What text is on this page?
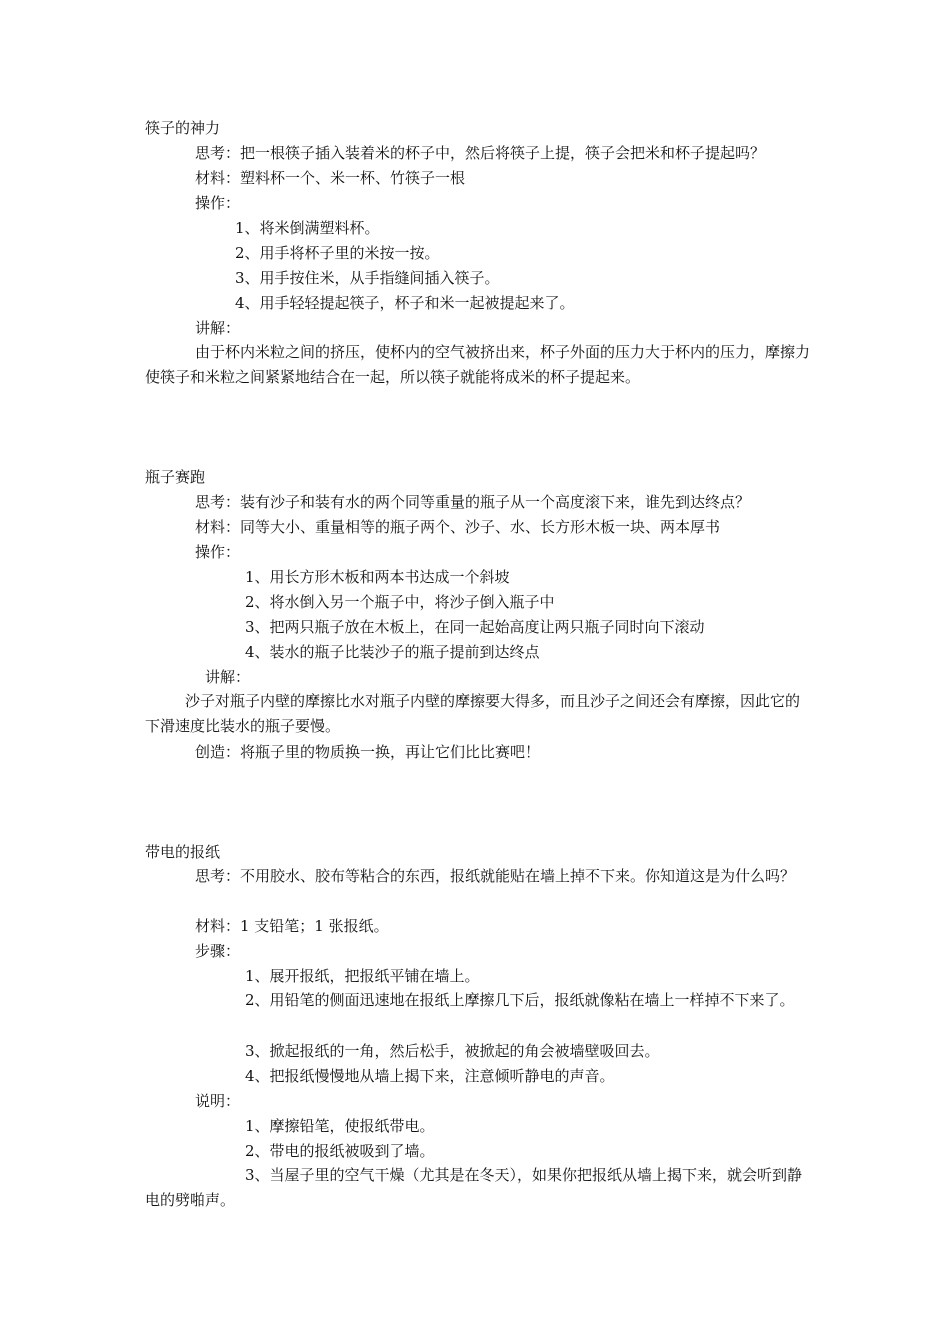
筷子的神力
思考：把一根筷子插入装着米的杯子中，然后将筷子上提，筷子会把米和杯子提起吗？
材料：塑料杯一个、米一杯、竹筷子一根
操作：
1、将米倒满塑料杯。
2、用手将杯子里的米按一按。
3、用手按住米，从手指缝间插入筷子。
4、用手轻轻提起筷子，杯子和米一起被提起来了。
讲解：
由于杯内米粒之间的挤压，使杯内的空气被挤出来，杯子外面的压力大于杯内的压力，摩擦力使筷子和米粒之间紧紧地结合在一起，所以筷子就能将成米的杯子提起来。
瓶子赛跑
思考：装有沙子和装有水的两个同等重量的瓶子从一个高度滚下来，谁先到达终点？
材料：同等大小、重量相等的瓶子两个、沙子、水、长方形木板一块、两本厚书
操作：
1、用长方形木板和两本书达成一个斜坡
2、将水倒入另一个瓶子中，将沙子倒入瓶子中
3、把两只瓶子放在木板上，在同一起始高度让两只瓶子同时向下滚动
4、装水的瓶子比装沙子的瓶子提前到达终点
讲解：
沙子对瓶子内壁的摩擦比水对瓶子内壁的摩擦要大得多，而且沙子之间还会有摩擦，因此它的下滑速度比装水的瓶子要慢。
创造：将瓶子里的物质换一换，再让它们比比赛吧！
带电的报纸
思考：不用胶水、胶布等粘合的东西，报纸就能贴在墙上掉不下来。你知道这是为什么吗？
材料：1 支铅笔；1 张报纸。
步骤：
1、展开报纸，把报纸平铺在墙上。
2、用铅笔的侧面迅速地在报纸上摩擦几下后，报纸就像粘在墙上一样掉不下来了。
3、掀起报纸的一角，然后松手，被掀起的角会被墙壁吸回去。
4、把报纸慢慢地从墙上揭下来，注意倾听静电的声音。
说明：
1、摩擦铅笔，使报纸带电。
2、带电的报纸被吸到了墙。
3、当屋子里的空气干燥（尤其是在冬天），如果你把报纸从墙上揭下来，就会听到静电的劈啪声。
